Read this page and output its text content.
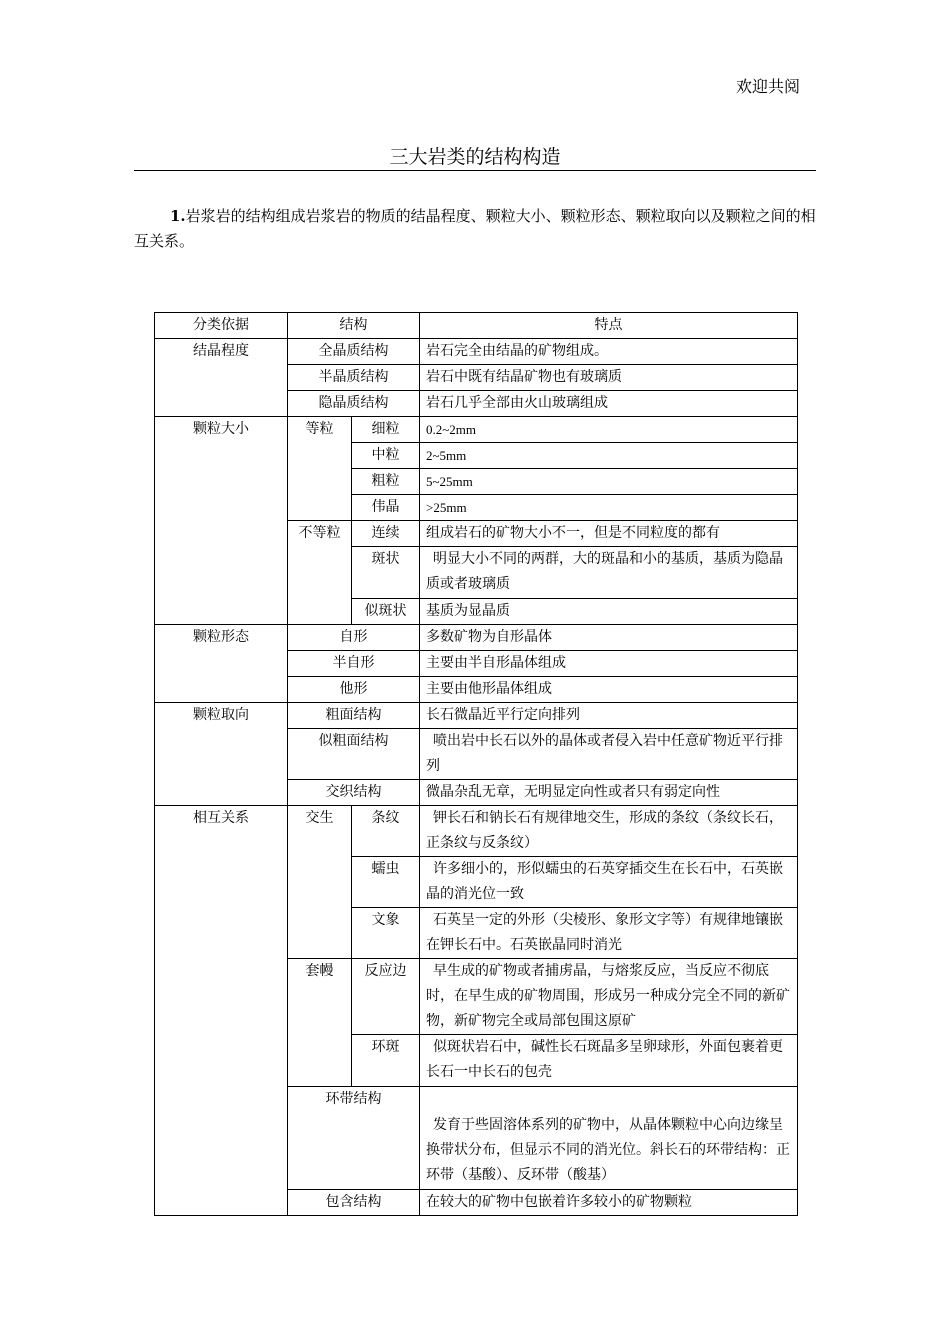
欢迎共阅
三大岩类的结构构造
1.岩浆岩的结构组成岩浆岩的物质的结晶程度、颗粒大小、颗粒形态、颗粒取向以及颗粒之间的相互关系。
分类依据	结构		特点
结晶程度	全晶质结构		岩石完全由结晶的矿物组成。
	半晶质结构		岩石中既有结晶矿物也有玻璃质
	隐晶质结构		岩石几乎全部由火山玻璃组成
颗粒大小	等粒	细粒	0.2~2mm
		中粒	2~5mm
		粗粒	5~25mm
		伟晶	>25mm
	不等粒	连续	组成岩石的矿物大小不一，但是不同粒度的都有
		斑状	明显大小不同的两群，大的斑晶和小的基质，基质为隐晶质或者玻璃质
		似斑状	基质为显晶质
颗粒形态	自形		多数矿物为自形晶体
	半自形		主要由半自形晶体组成
	他形		主要由他形晶体组成
颗粒取向	粗面结构		长石微晶近平行定向排列
	似粗面结构		喷出岩中长石以外的晶体或者侵入岩中任意矿物近平行排列
	交织结构		微晶杂乱无章，无明显定向性或者只有弱定向性
相互关系	交生	条纹	钾长石和钠长石有规律地交生，形成的条纹（条纹长石，正条纹与反条纹）
		蠕虫	许多细小的，形似蠕虫的石英穿插交生在长石中，石英嵌晶的消光位一致
		文象	石英呈一定的外形（尖棱形、象形文字等）有规律地镶嵌在钾长石中。石英嵌晶同时消光
	套幔	反应边	早生成的矿物或者捕虏晶，与熔浆反应，当反应不彻底时，在早生成的矿物周围，形成另一种成分完全不同的新矿物，新矿物完全或局部包围这原矿
		环斑	似斑状岩石中，碱性长石斑晶多呈卵球形，外面包裹着更长石一中长石的包壳
	环带结构		发育于些固溶体系列的矿物中，从晶体颗粒中心向边缘呈换带状分布，但显示不同的消光位。斜长石的环带结构：正环带（基酸）、反环带（酸基）
	包含结构		在较大的矿物中包嵌着许多较小的矿物颗粒
